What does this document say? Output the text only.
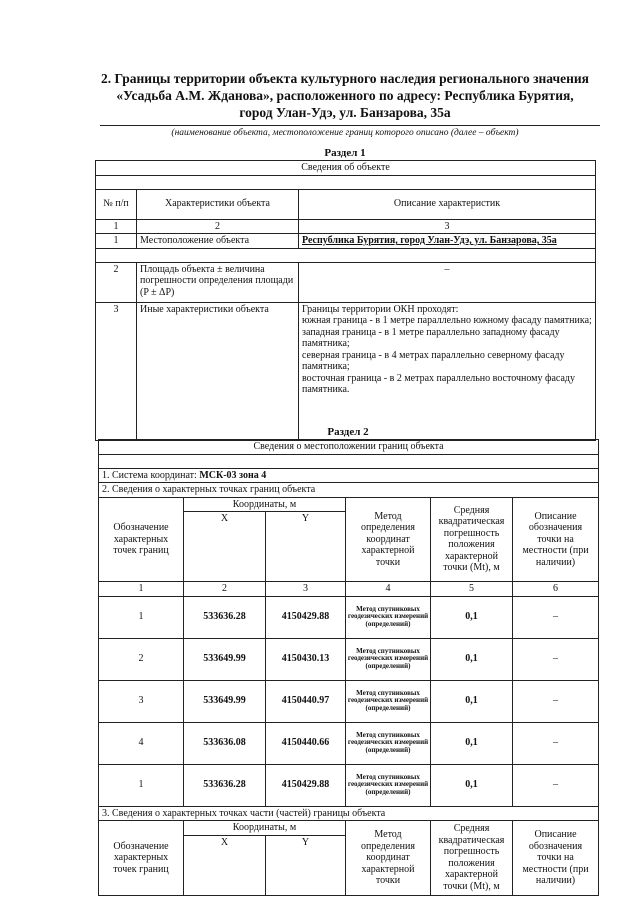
2. Границы территории объекта культурного наследия регионального значения «Усадьба А.М. Жданова», расположенного по адресу: Республика Бурятия, город Улан-Удэ, ул. Банзарова, 35а
(наименование объекта, местоположение границ которого описано (далее – объект)
Раздел 1
Сведения об объекте		

№ п/п	Характеристики объекта	Описание характеристик
1	2	3
1	Местоположение объекта	Республика Бурятия, город Улан-Удэ, ул. Банзарова, 35а

2	Площадь объекта ± величина погрешности определения площади (P ± ΔP)	–
3	Иные характеристики объекта	Границы территории ОКН проходят:
южная граница - в 1 метре параллельно южному фасаду памятника;
западная граница - в 1 метре параллельно западному фасаду памятника;
северная граница - в 4 метрах параллельно северному фасаду памятника;
восточная граница - в 2 метрах параллельно восточному фасаду памятника.
Раздел 2
Сведения о местоположении границ объекта					

1. Система координат: МСК-03 зона 4					
2. Сведения о характерных точках границ объекта					
Обозначение характерных точек границ	Координаты, м		Метод определения координат характерной точки	Средняя квадратическая погрешность положения характерной точки (Mt), м	Описание обозначения точки на местности (при наличии)
	X	Y			
1	2	3	4	5	6
1	533636.28	4150429.88	Метод спутниковых геодезических измерений (определений)	0,1	–
2	533649.99	4150430.13	Метод спутниковых геодезических измерений (определений)	0,1	–
3	533649.99	4150440.97	Метод спутниковых геодезических измерений (определений)	0,1	–
4	533636.08	4150440.66	Метод спутниковых геодезических измерений (определений)	0,1	–
1	533636.28	4150429.88	Метод спутниковых геодезических измерений (определений)	0,1	–
3. Сведения о характерных точках части (частей) границы объекта					
Обозначение характерных точек границ	Координаты, м		Метод определения координат характерной точки	Средняя квадратическая погрешность положения характерной точки (Mt), м	Описание обозначения точки на местности (при наличии)
	X	Y			
